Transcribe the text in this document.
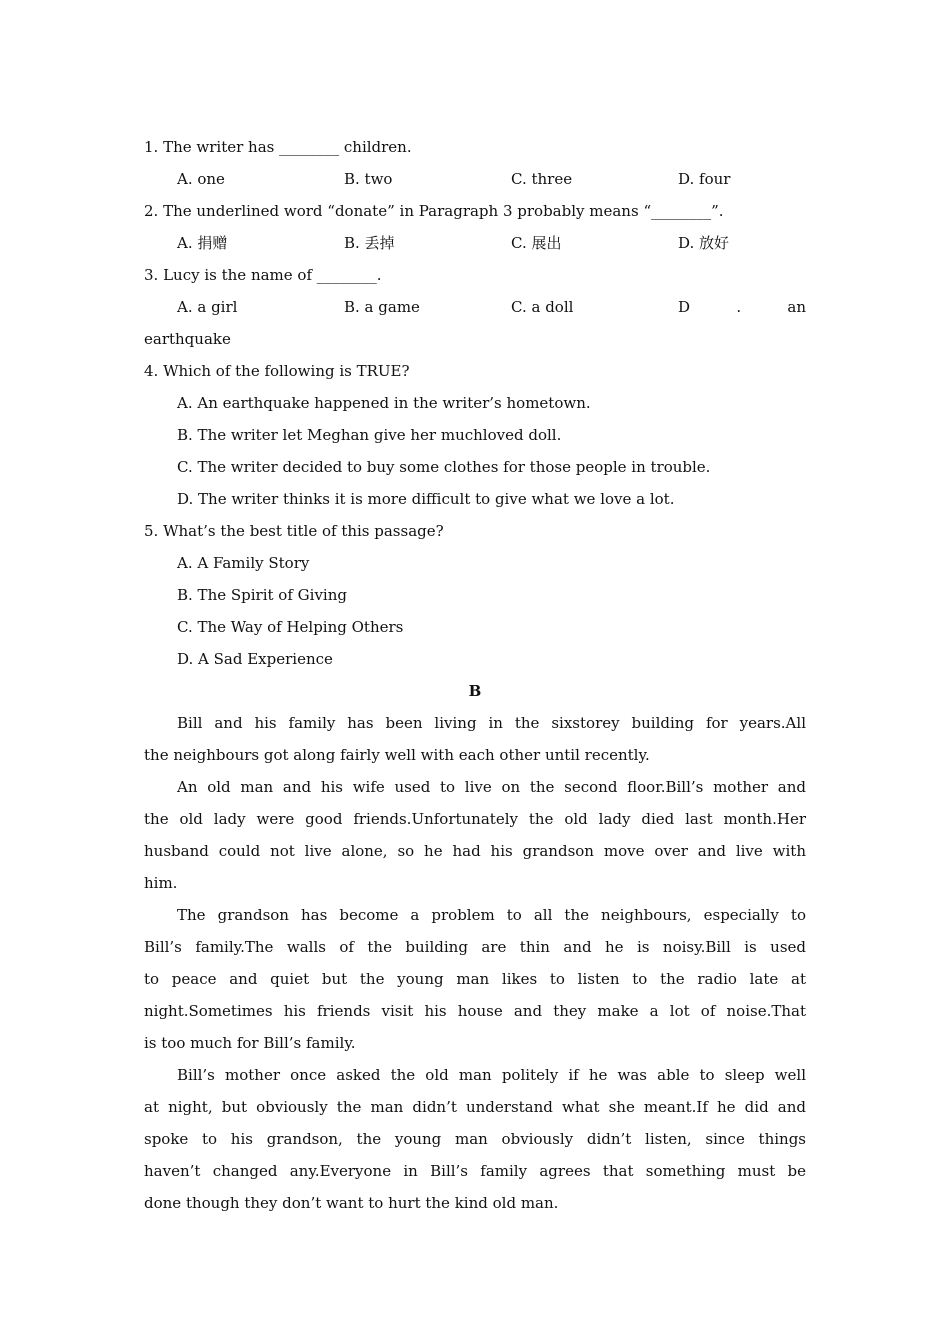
1. The writer has ________ children.
A. one	B. two	C. three	D. four
2. The underlined word “donate” in Paragraph 3 probably means “________”.
A. 捐赠	B. 丢掉	C. 展出	D. 放好
3. Lucy is the name of ________.
A. a girl	B. a game	C. a doll	D	.	an
earthquake
4. Which of the following is TRUE?
A. An earthquake happened in the writer’s hometown.
B. The writer let Meghan give her muchloved doll.
C. The writer decided to buy some clothes for those people in trouble.
D. The writer thinks it is more difficult to give what we love a lot.
5. What’s the best title of this passage?
A. A Family Story
B. The Spirit of Giving
C. The Way of Helping Others
D. A Sad Experience
B
Bill and his family has been living in the sixstorey building for years.All
the neighbours got along fairly well with each other until recently.
An old man and his wife used to live on the second floor.Bill’s mother and
the old lady were good friends.Unfortunately the old lady died last month.Her
husband could not live alone, so he had his grandson move over and live with
him.
The grandson has become a problem to all the neighbours, especially to
Bill’s family.The walls of the building are thin and he is noisy.Bill is used
to peace and quiet but the young man likes to listen to the radio late at
night.Sometimes his friends visit his house and they make a lot of noise.That
is too much for Bill’s family.
Bill’s mother once asked the old man politely if he was able to sleep well
at night, but obviously the man didn’t understand what she meant.If he did and
spoke to his grandson, the young man obviously didn’t listen, since things
haven’t changed any.Everyone in Bill’s family agrees that something must be
done though they don’t want to hurt the kind old man.
